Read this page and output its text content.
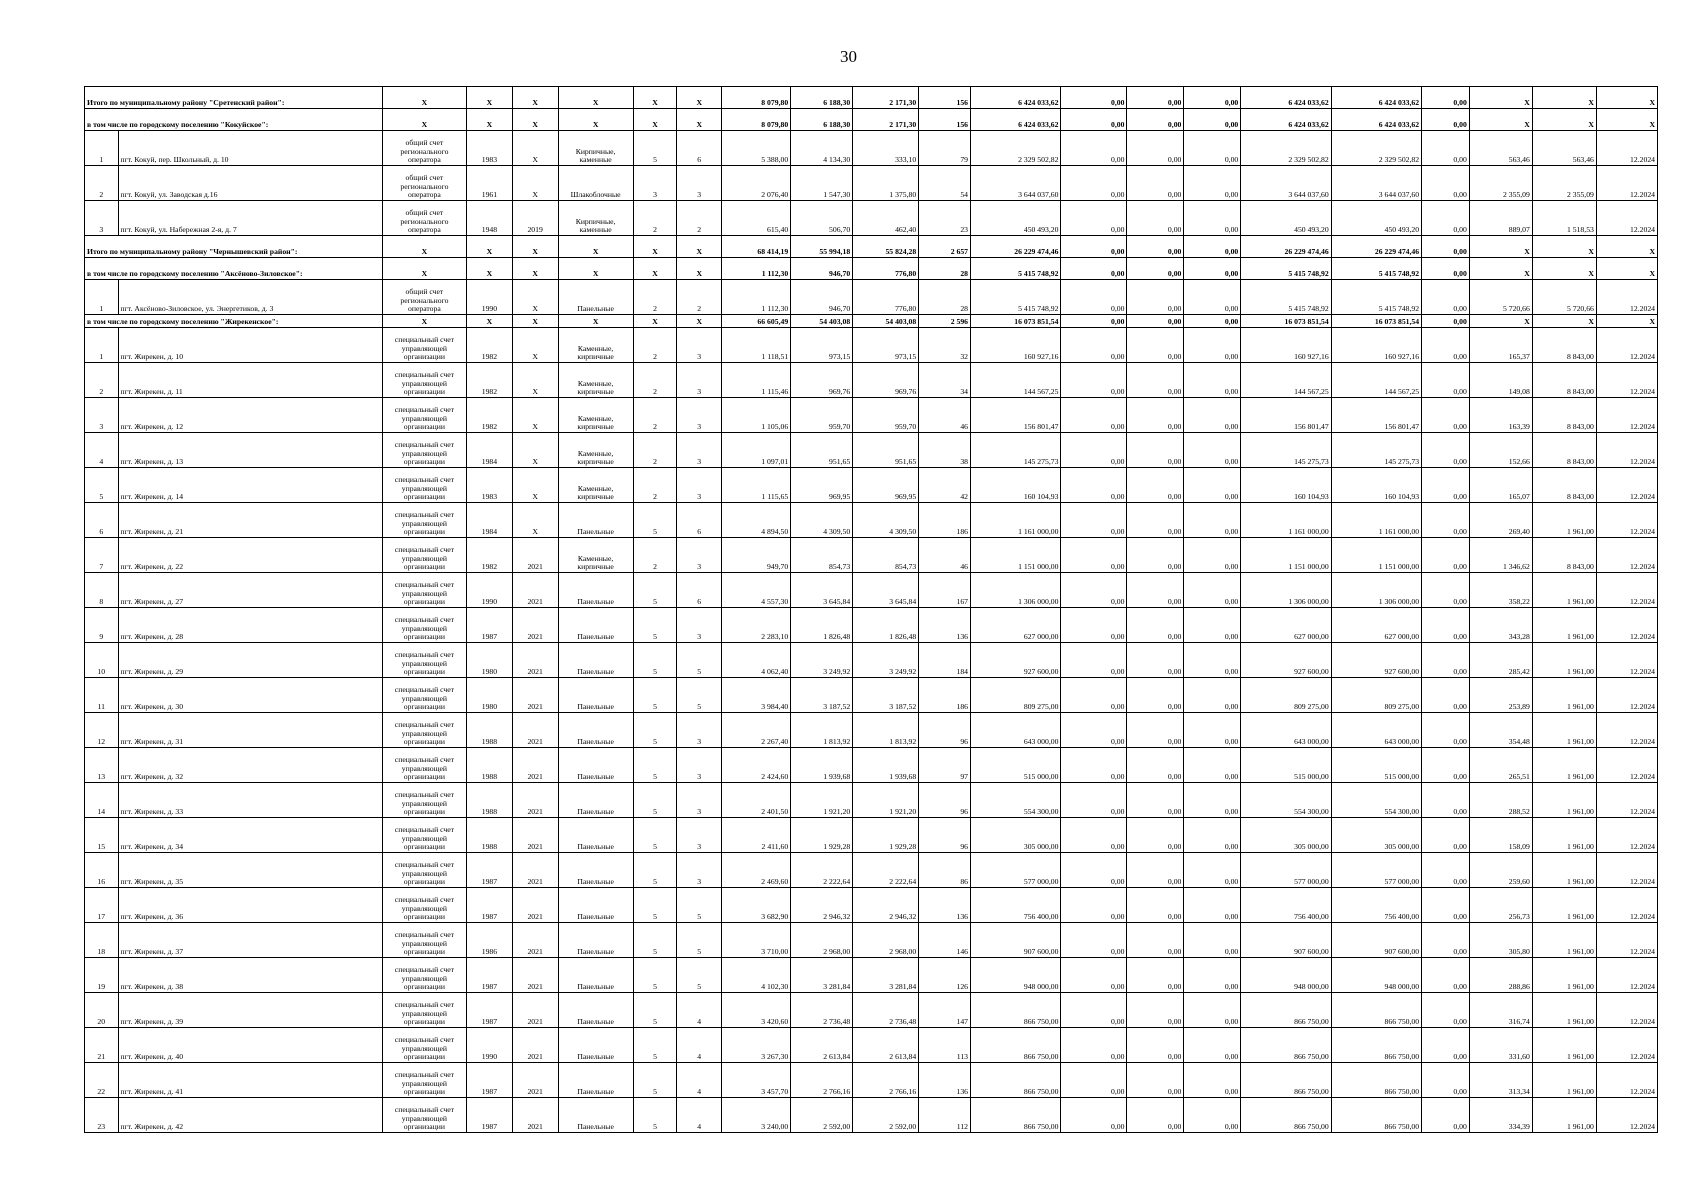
30
Итого по муниципальному району "Сретенский район":		X	X	X	X	X	X	8 079,80	6 188,30	2 171,30	156	6 424 033,62	0,00	0,00	0,00	6 424 033,62	6 424 033,62	0,00	X	X	X
в том числе по городскому поселению "Кокуйское":		X	X	X	X	X	X	8 079,80	6 188,30	2 171,30	156	6 424 033,62	0,00	0,00	0,00	6 424 033,62	6 424 033,62	0,00	X	X	X
1	пгт. Кокуй, пер. Школьный, д. 10	общий счет регионального оператора	1983	X	Кирпичные, каменные	5	6	5 388,00	4 134,30	333,10	79	2 329 502,82	0,00	0,00	0,00	2 329 502,82	2 329 502,82	0,00	563,46	563,46	12.2024
2	пгт. Кокуй, ул. Заводская д.16	общий счет регионального оператора	1961	X	Шлакоблочные	3	3	2 076,40	1 547,30	1 375,80	54	3 644 037,60	0,00	0,00	0,00	3 644 037,60	3 644 037,60	0,00	2 355,09	2 355,09	12.2024
3	пгт. Кокуй, ул. Набережная 2-я, д. 7	общий счет регионального оператора	1948	2019	Кирпичные, каменные	2	2	615,40	506,70	462,40	23	450 493,20	0,00	0,00	0,00	450 493,20	450 493,20	0,00	889,07	1 518,53	12.2024
Итого по муниципальному району "Чернышевский район":		X	X	X	X	X	X	68 414,19	55 994,18	55 824,28	2 657	26 229 474,46	0,00	0,00	0,00	26 229 474,46	26 229 474,46	0,00	X	X	X
в том числе по городскому поселению "Аксёново-Зиловское":		X	X	X	X	X	X	1 112,30	946,70	776,80	28	5 415 748,92	0,00	0,00	0,00	5 415 748,92	5 415 748,92	0,00	X	X	X
1	пгт. Аксёново-Зиловское, ул. Энергетиков, д. 3	общий счет регионального оператора	1990	X	Панельные	2	2	1 112,30	946,70	776,80	28	5 415 748,92	0,00	0,00	0,00	5 415 748,92	5 415 748,92	0,00	5 720,66	5 720,66	12.2024
в том числе по городскому поселению "Жирекенское":		X	X	X	X	X	X	66 605,49	54 403,08	54 403,08	2 596	16 073 851,54	0,00	0,00	0,00	16 073 851,54	16 073 851,54	0,00	X	X	X
1	пгт. Жирекен, д. 10	специальный счет управляющей организации	1982	X	Каменные, кирпичные	2	3	1 118,51	973,15	973,15	32	160 927,16	0,00	0,00	0,00	160 927,16	160 927,16	0,00	165,37	8 843,00	12.2024
2	пгт. Жирекен, д. 11	специальный счет управляющей организации	1982	X	Каменные, кирпичные	2	3	1 115,46	969,76	969,76	34	144 567,25	0,00	0,00	0,00	144 567,25	144 567,25	0,00	149,08	8 843,00	12.2024
3	пгт. Жирекен, д. 12	специальный счет управляющей организации	1982	X	Каменные, кирпичные	2	3	1 105,06	959,70	959,70	46	156 801,47	0,00	0,00	0,00	156 801,47	156 801,47	0,00	163,39	8 843,00	12.2024
4	пгт. Жирекен, д. 13	специальный счет управляющей организации	1984	X	Каменные, кирпичные	2	3	1 097,01	951,65	951,65	38	145 275,73	0,00	0,00	0,00	145 275,73	145 275,73	0,00	152,66	8 843,00	12.2024
5	пгт. Жирекен, д. 14	специальный счет управляющей организации	1983	X	Каменные, кирпичные	2	3	1 115,65	969,95	969,95	42	160 104,93	0,00	0,00	0,00	160 104,93	160 104,93	0,00	165,07	8 843,00	12.2024
6	пгт. Жирекен, д. 21	специальный счет управляющей организации	1984	X	Панельные	5	6	4 894,50	4 309,50	4 309,50	186	1 161 000,00	0,00	0,00	0,00	1 161 000,00	1 161 000,00	0,00	269,40	1 961,00	12.2024
7	пгт. Жирекен, д. 22	специальный счет управляющей организации	1982	2021	Каменные, кирпичные	2	3	949,70	854,73	854,73	46	1 151 000,00	0,00	0,00	0,00	1 151 000,00	1 151 000,00	0,00	1 346,62	8 843,00	12.2024
8	пгт. Жирекен, д. 27	специальный счет управляющей организации	1990	2021	Панельные	5	6	4 557,30	3 645,84	3 645,84	167	1 306 000,00	0,00	0,00	0,00	1 306 000,00	1 306 000,00	0,00	358,22	1 961,00	12.2024
9	пгт. Жирекен, д. 28	специальный счет управляющей организации	1987	2021	Панельные	5	3	2 283,10	1 826,48	1 826,48	136	627 000,00	0,00	0,00	0,00	627 000,00	627 000,00	0,00	343,28	1 961,00	12.2024
10	пгт. Жирекен, д. 29	специальный счет управляющей организации	1980	2021	Панельные	5	5	4 062,40	3 249,92	3 249,92	184	927 600,00	0,00	0,00	0,00	927 600,00	927 600,00	0,00	285,42	1 961,00	12.2024
11	пгт. Жирекен, д. 30	специальный счет управляющей организации	1980	2021	Панельные	5	5	3 984,40	3 187,52	3 187,52	186	809 275,00	0,00	0,00	0,00	809 275,00	809 275,00	0,00	253,89	1 961,00	12.2024
12	пгт. Жирекен, д. 31	специальный счет управляющей организации	1988	2021	Панельные	5	3	2 267,40	1 813,92	1 813,92	96	643 000,00	0,00	0,00	0,00	643 000,00	643 000,00	0,00	354,48	1 961,00	12.2024
13	пгт. Жирекен, д. 32	специальный счет управляющей организации	1988	2021	Панельные	5	3	2 424,60	1 939,68	1 939,68	97	515 000,00	0,00	0,00	0,00	515 000,00	515 000,00	0,00	265,51	1 961,00	12.2024
14	пгт. Жирекен, д. 33	специальный счет управляющей организации	1988	2021	Панельные	5	3	2 401,50	1 921,20	1 921,20	96	554 300,00	0,00	0,00	0,00	554 300,00	554 300,00	0,00	288,52	1 961,00	12.2024
15	пгт. Жирекен, д. 34	специальный счет управляющей организации	1988	2021	Панельные	5	3	2 411,60	1 929,28	1 929,28	96	305 000,00	0,00	0,00	0,00	305 000,00	305 000,00	0,00	158,09	1 961,00	12.2024
16	пгт. Жирекен, д. 35	специальный счет управляющей организации	1987	2021	Панельные	5	3	2 469,60	2 222,64	2 222,64	86	577 000,00	0,00	0,00	0,00	577 000,00	577 000,00	0,00	259,60	1 961,00	12.2024
17	пгт. Жирекен, д. 36	специальный счет управляющей организации	1987	2021	Панельные	5	5	3 682,90	2 946,32	2 946,32	136	756 400,00	0,00	0,00	0,00	756 400,00	756 400,00	0,00	256,73	1 961,00	12.2024
18	пгт. Жирекен, д. 37	специальный счет управляющей организации	1986	2021	Панельные	5	5	3 710,00	2 968,00	2 968,00	146	907 600,00	0,00	0,00	0,00	907 600,00	907 600,00	0,00	305,80	1 961,00	12.2024
19	пгт. Жирекен, д. 38	специальный счет управляющей организации	1987	2021	Панельные	5	5	4 102,30	3 281,84	3 281,84	126	948 000,00	0,00	0,00	0,00	948 000,00	948 000,00	0,00	288,86	1 961,00	12.2024
20	пгт. Жирекен, д. 39	специальный счет управляющей организации	1987	2021	Панельные	5	4	3 420,60	2 736,48	2 736,48	147	866 750,00	0,00	0,00	0,00	866 750,00	866 750,00	0,00	316,74	1 961,00	12.2024
21	пгт. Жирекен, д. 40	специальный счет управляющей организации	1990	2021	Панельные	5	4	3 267,30	2 613,84	2 613,84	113	866 750,00	0,00	0,00	0,00	866 750,00	866 750,00	0,00	331,60	1 961,00	12.2024
22	пгт. Жирекен, д. 41	специальный счет управляющей организации	1987	2021	Панельные	5	4	3 457,70	2 766,16	2 766,16	136	866 750,00	0,00	0,00	0,00	866 750,00	866 750,00	0,00	313,34	1 961,00	12.2024
23	пгт. Жирекен, д. 42	специальный счет управляющей организации	1987	2021	Панельные	5	4	3 240,00	2 592,00	2 592,00	112	866 750,00	0,00	0,00	0,00	866 750,00	866 750,00	0,00	334,39	1 961,00	12.2024
